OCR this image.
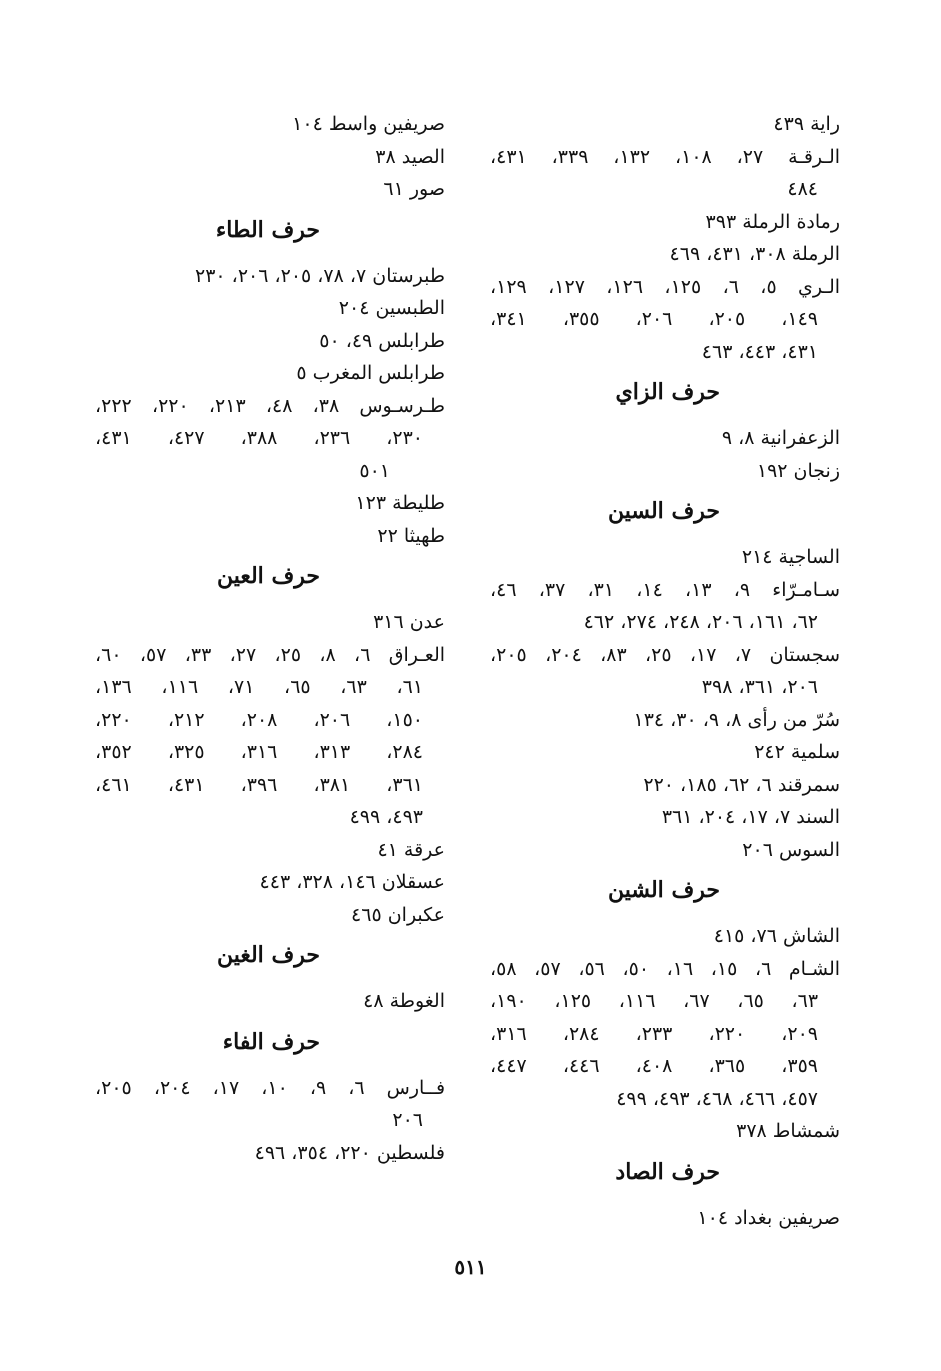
راية ٤٣٩
الـرقـة ٢٧، ١٠٨، ١٣٢، ٣٣٩، ٤٣١،
٤٨٤
رمادة الرملة ٣٩٣
الرملة ٣٠٨، ٤٣١، ٤٦٩
الـري ٥، ٦، ١٢٥، ١٢٦، ١٢٧، ١٢٩،
١٤٩، ٢٠٥، ٢٠٦، ٣٥٥، ٣٤١،
٤٣١، ٤٤٣، ٤٦٣
حرف الزاي
الزعفرانية ٨، ٩
زنجان ١٩٢
حرف السين
الساجية ٢١٤
سـامـرّاء ٩، ١٣، ١٤، ٣١، ٣٧، ٤٦،
٦٢، ١٦١، ٢٠٦، ٢٤٨، ٢٧٤، ٤٦٢
سجستان ٧، ١٧، ٢٥، ٨٣، ٢٠٤، ٢٠٥،
٢٠٦، ٣٦١، ٣٩٨
سُرّ من رأى ٨، ٩، ٣٠، ١٣٤
سلمية ٢٤٢
سمرقند ٦، ٦٢، ١٨٥، ٢٢٠
السند ٧، ١٧، ٢٠٤، ٣٦١
السوس ٢٠٦
حرف الشين
الشاش ٧٦، ٤١٥
الشـام ٦، ١٥، ١٦، ٥٠، ٥٦، ٥٧، ٥٨،
٦٣، ٦٥، ٦٧، ١١٦، ١٢٥، ١٩٠،
٢٠٩، ٢٢٠، ٢٣٣، ٢٨٤، ٣١٦،
٣٥٩، ٣٦٥، ٤٠٨، ٤٤٦، ٤٤٧،
٤٥٧، ٤٦٦، ٤٦٨، ٤٩٣، ٤٩٩
شمشاط ٣٧٨
حرف الصاد
صريفين بغداد ١٠٤
صريفين واسط ١٠٤
الصيد ٣٨
صور ٦١
حرف الطاء
طبرستان ٧، ٧٨، ٢٠٥، ٢٠٦، ٢٣٠
الطبسين ٢٠٤
طرابلس ٤٩، ٥٠
طرابلس المغرب ٥
طـرسـوس ٣٨، ٤٨، ٢١٣، ٢٢٠، ٢٢٢،
٢٣٠، ٢٣٦، ٣٨٨، ٤٢٧، ٤٣١،
٥٠١
طليطة ١٢٣
طهيثا ٢٢
حرف العين
عدن ٣١٦
العـراق ٦، ٨، ٢٥، ٢٧، ٣٣، ٥٧، ٦٠،
٦١، ٦٣، ٦٥، ٧١، ١١٦، ١٣٦،
١٥٠، ٢٠٦، ٢٠٨، ٢١٢، ٢٢٠،
٢٨٤، ٣١٣، ٣١٦، ٣٢٥، ٣٥٢،
٣٦١، ٣٨١، ٣٩٦، ٤٣١، ٤٦١،
٤٩٣، ٤٩٩
عرقة ٤١
عسقلان ١٤٦، ٣٢٨، ٤٤٣
عكبران ٤٦٥
حرف الغين
الغوطة ٤٨
حرف الفاء
فــارس ٦، ٩، ١٠، ١٧، ٢٠٤، ٢٠٥،
٢٠٦
فلسطين ٢٢٠، ٣٥٤، ٤٩٦
٥١١
